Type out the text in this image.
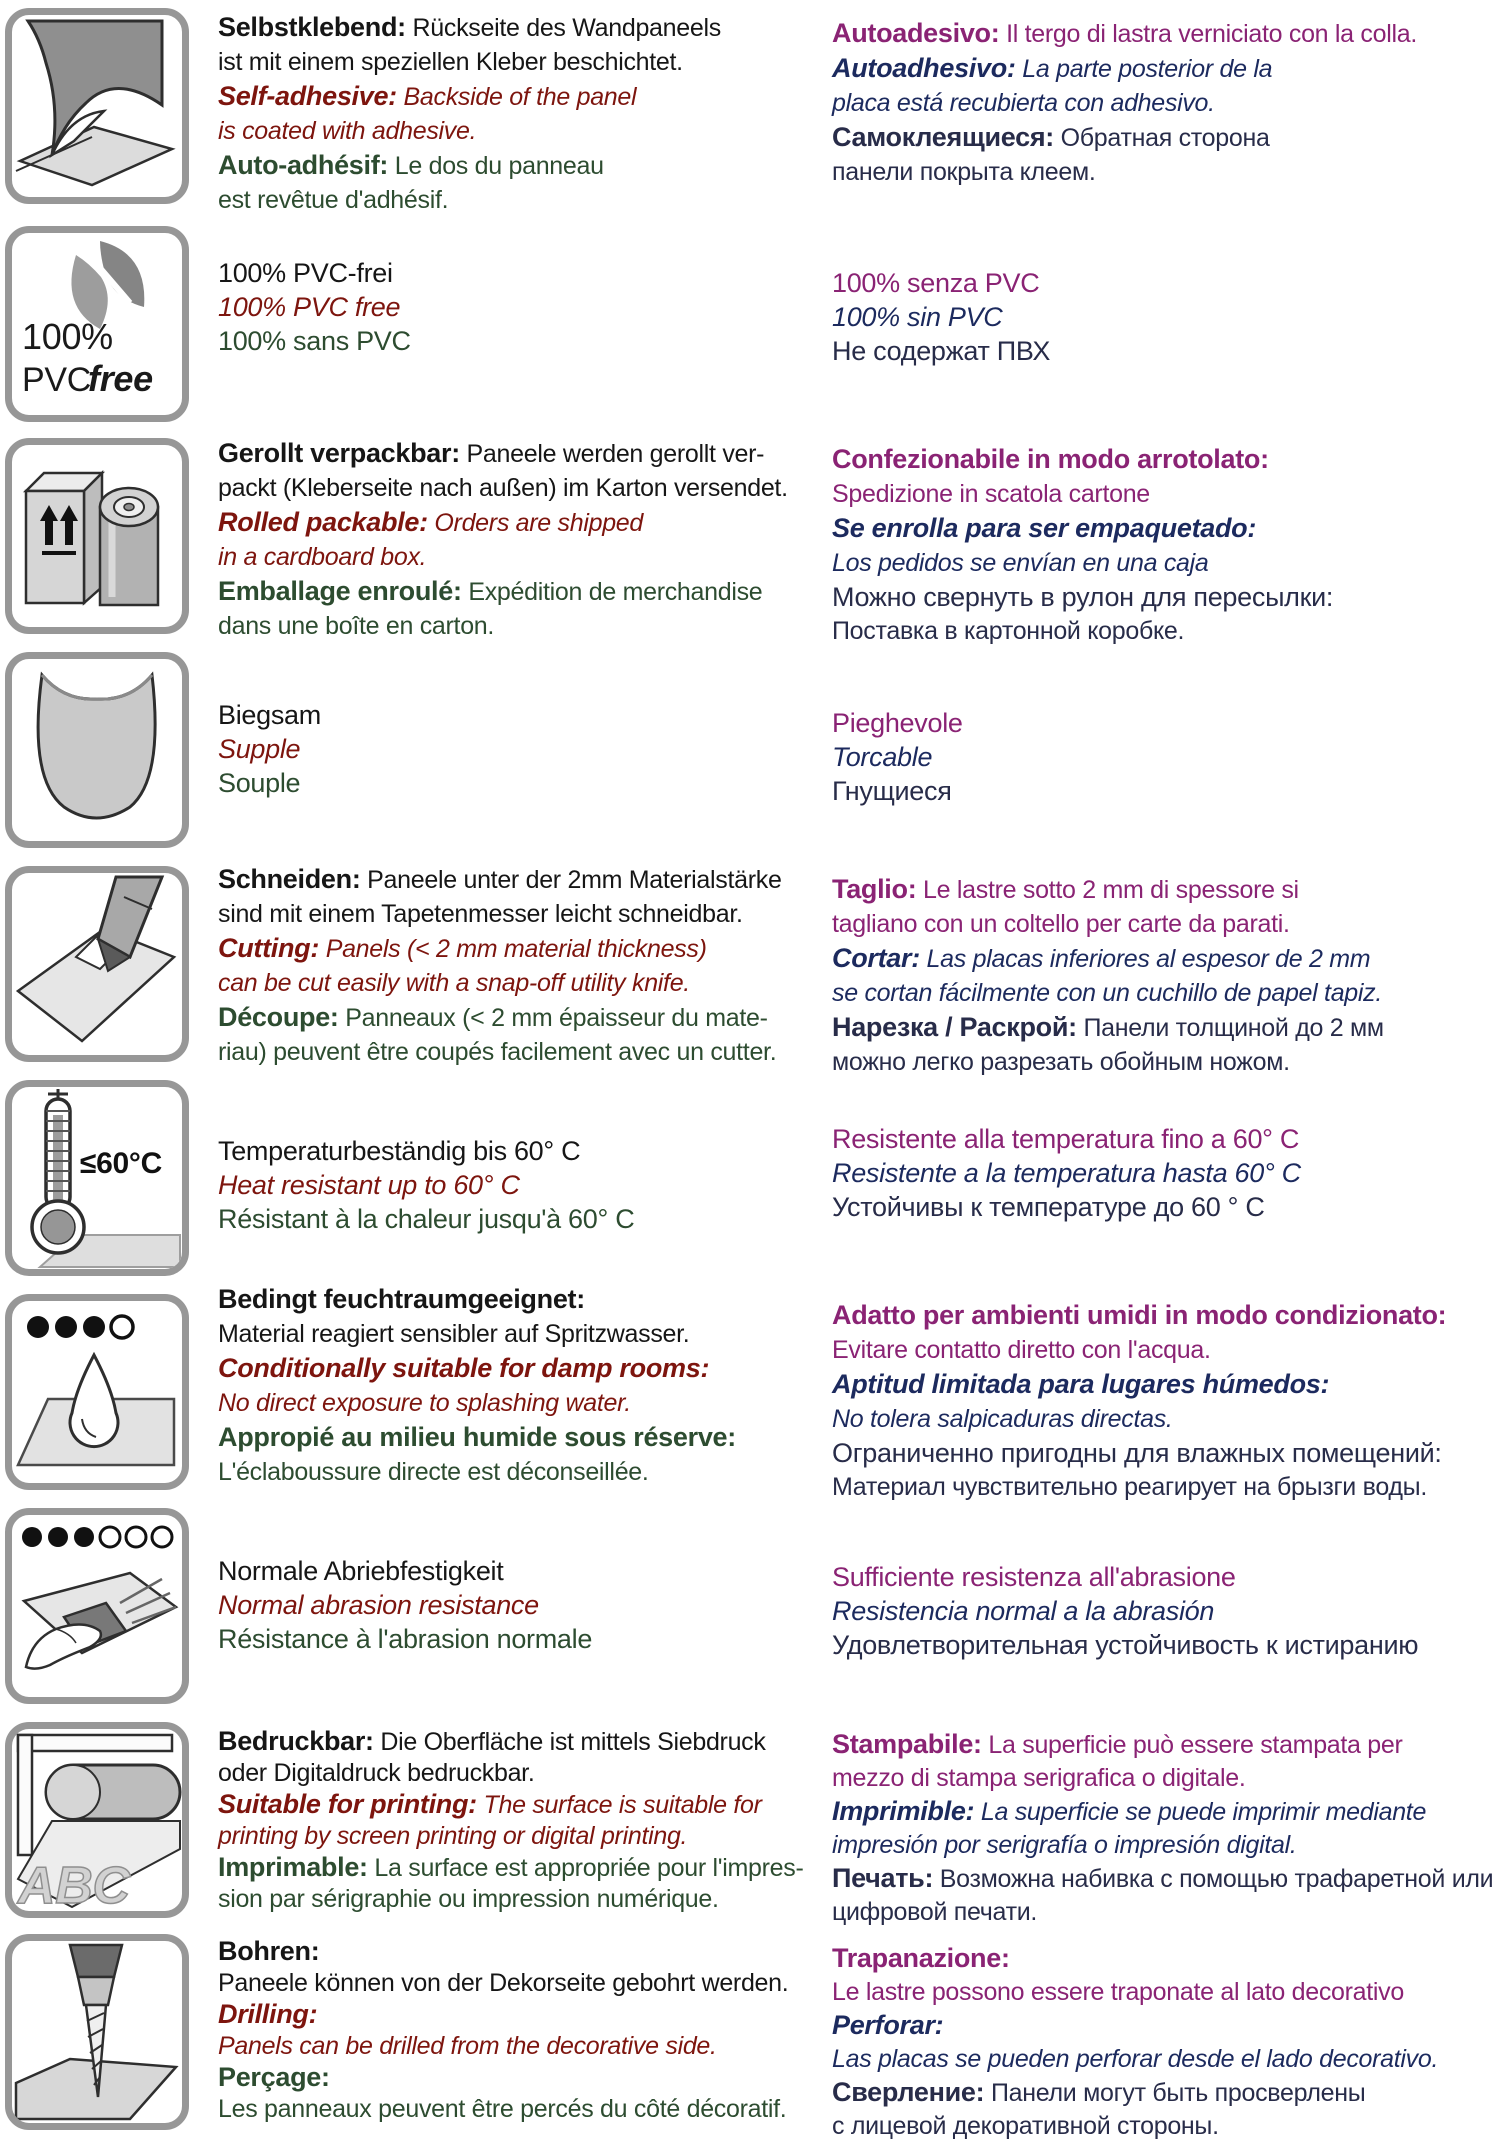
Selbstklebend: Rückseite des Wandpaneels

ist mit einem speziellen Kleber beschichtet.

Self-adhesive: Backside of the panel

is coated with adhesive.

Auto-adhésif: Le dos du panneau

est revêtue d'adhésif.

Autoadesivo: Il tergo di lastra verniciato con la colla.

Autoadhesivo: La parte posterior de la

placa está recubierta con adhesivo.

Самоклеящиеся: Обратная сторона

панели покрыта клеем.

100%
PVC
free

100% PVC-frei

100% PVC free

100% sans PVC

100% senza PVC

100% sin PVC

Не содержат ПВХ

Gerollt verpackbar: Paneele werden gerollt ver-

packt (Kleberseite nach außen) im Karton versendet.

Rolled packable: Orders are shipped

in a cardboard box.

Emballage enroulé: Expédition de merchandise

dans une boîte en carton.

Confezionabile in modo arrotolato:

Spedizione in scatola cartone

Se enrolla para ser empaquetado:

Los pedidos se envían en una caja

Можно свернуть в рулон для пересылки:

Поставка в картонной коробке.

Biegsam

Supple

Souple

Pieghevole

Torcable

Гнущиеся

Schneiden: Paneele unter der 2mm Materialstärke

sind mit einem Tapetenmesser leicht schneidbar.

Cutting: Panels (< 2 mm material thickness)

can be cut easily with a snap-off utility knife.

Découpe: Panneaux (< 2 mm épaisseur du mate-

riau) peuvent être coupés facilement avec un cutter.

Taglio: Le lastre sotto 2 mm di spessore si

tagliano con un coltello per carte da parati.

Cortar: Las placas inferiores al espesor de 2 mm

se cortan fácilmente con un cuchillo de papel tapiz.

Нарезка / Раскрой: Панели толщиной до 2 мм

можно легко разрезать обойным ножом.

≤60°C Temperaturbeständig bis 60° C

Heat resistant up to 60° C

Résistant à la chaleur jusqu'à 60° C

Resistente alla temperatura fino a 60° C

Resistente a la temperatura hasta 60° C

Устойчивы к температуре до 60 ° C

Bedingt feuchtraumgeeignet:

Material reagiert sensibler auf Spritzwasser.

Conditionally suitable for damp rooms:

No direct exposure to splashing water.

Appropié au milieu humide sous réserve:

L'éclaboussure directe est déconseillée.

Adatto per ambienti umidi in modo condizionato:

Evitare contatto diretto con l'acqua.

Aptitud limitada para lugares húmedos:

No tolera salpicaduras directas.

Ограниченно пригодны для влажных помещений:

Материал чувствительно реагирует на брызги воды.

Normale Abriebfestigkeit

Normal abrasion resistance

Résistance à l'abrasion normale

Sufficiente resistenza all'abrasione

Resistencia normal a la abrasión

Удовлетворительная устойчивость к истиранию

ABC

Bedruckbar: Die Oberfläche ist mittels Siebdruck

oder Digitaldruck bedruckbar.

Suitable for printing: The surface is suitable for

printing by screen printing or digital printing.

Imprimable: La surface est appropriée pour l'impres-

sion par sérigraphie ou impression numérique.

Stampabile: La superficie può essere stampata per

mezzo di stampa serigrafica o digitale.

Imprimible: La superficie se puede imprimir mediante

impresión por serigrafía o impresión digital.

Печать: Возможна набивка с помощью трафаретной или

цифровой печати.

Bohren:

Paneele können von der Dekorseite gebohrt werden.

Drilling:

Panels can be drilled from the decorative side.

Perçage:

Les panneaux peuvent être percés du côté décoratif.

Trapanazione:

Le lastre possono essere traponate al lato decorativo

Perforar:

Las placas se pueden perforar desde el lado decorativo.

Сверление: Панели могут быть просверлены

с лицевой декоративной стороны.
